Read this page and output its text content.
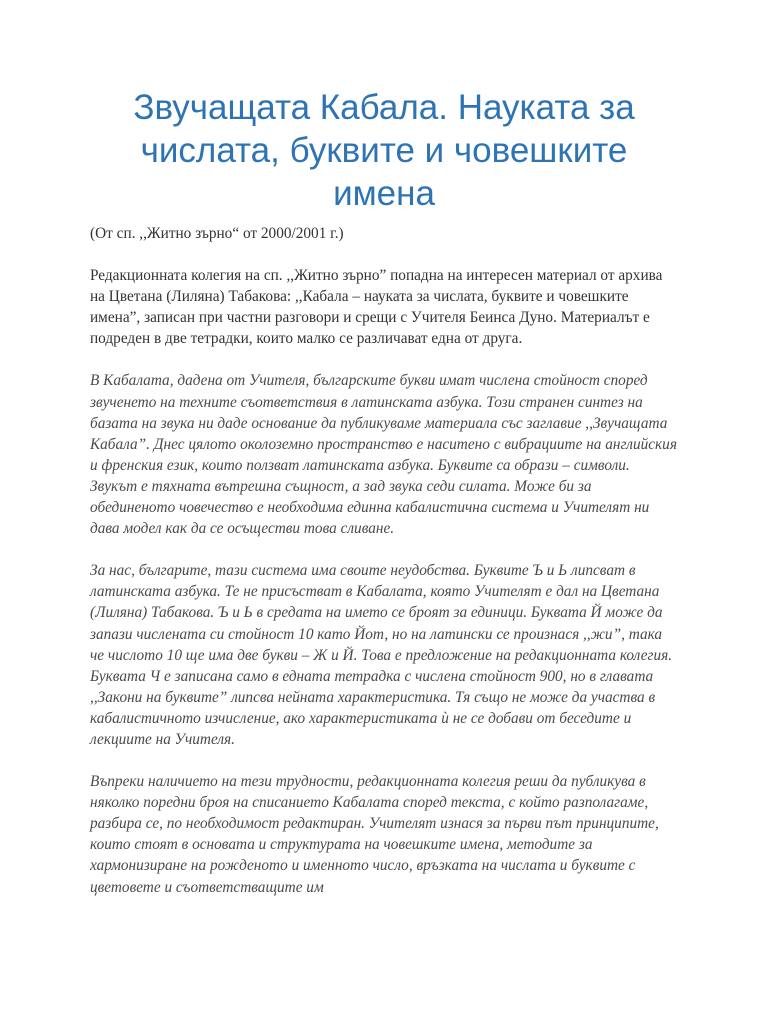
Звучащата Кабала. Науката за числата, буквите и човешките имена

(От сп. ,,Житно зърно“ от 2000/2001 г.)

Редакционната колегия на сп. ,,Житно зърно” попадна на интересен материал от архива на Цветана (Лиляна) Табакова: ,,Кабала – науката за числата, буквите и човешките имена”, записан при частни разговори и срещи с Учителя Беинса Дуно. Материалът е подреден в две тетрадки, които малко се различават една от друга.

В Кабалата, дадена от Учителя, българските букви имат числена стойност според звученето на техните съответствия в латинската азбука. Този странен синтез на базата на звука ни даде основание да публикуваме материала със заглавие ,,Звучащата Кабала”. Днес цялото околоземно пространство е наситено с вибрациите на английския и френския език, които ползват латинската азбука. Буквите са образи – символи. Звукът е тяхната вътрешна същност, а зад звука седи силата. Може би за обединеното човечество е необходима единна кабалистична система и Учителят ни дава модел как да се осъществи това сливане.

За нас, българите, тази система има своите неудобства. Буквите Ъ и Ь липсват в латинската азбука. Те не присъстват в Кабалата, която Учителят е дал на Цветана (Лиляна) Табакова. Ъ и Ь в средата на името се броят за единици. Буквата Й може да запази числената си стойност 10 като Йот, но на латински се произнася ,,жи”, така че числото 10 ще има две букви – Ж и Й. Това е предложение на редакционната колегия. Буквата Ч е записана само в едната тетрадка с числена стойност 900, но в главата ,,Закони на буквите” липсва нейната характеристика. Тя също не може да участва в кабалистичното изчисление, ако характеристиката ѝ не се добави от беседите и лекциите на Учителя.

Въпреки наличието на тези трудности, редакционната колегия реши да публикува в няколко поредни броя на списанието Кабалата според текста, с който разполагаме, разбира се, по необходимост редактиран. Учителят изнася за първи път принципите, които стоят в основата и структурата на човешките имена, методите за хармонизиране на рожденото и именното число, връзката на числата и буквите с цветовете и съответстващите им
